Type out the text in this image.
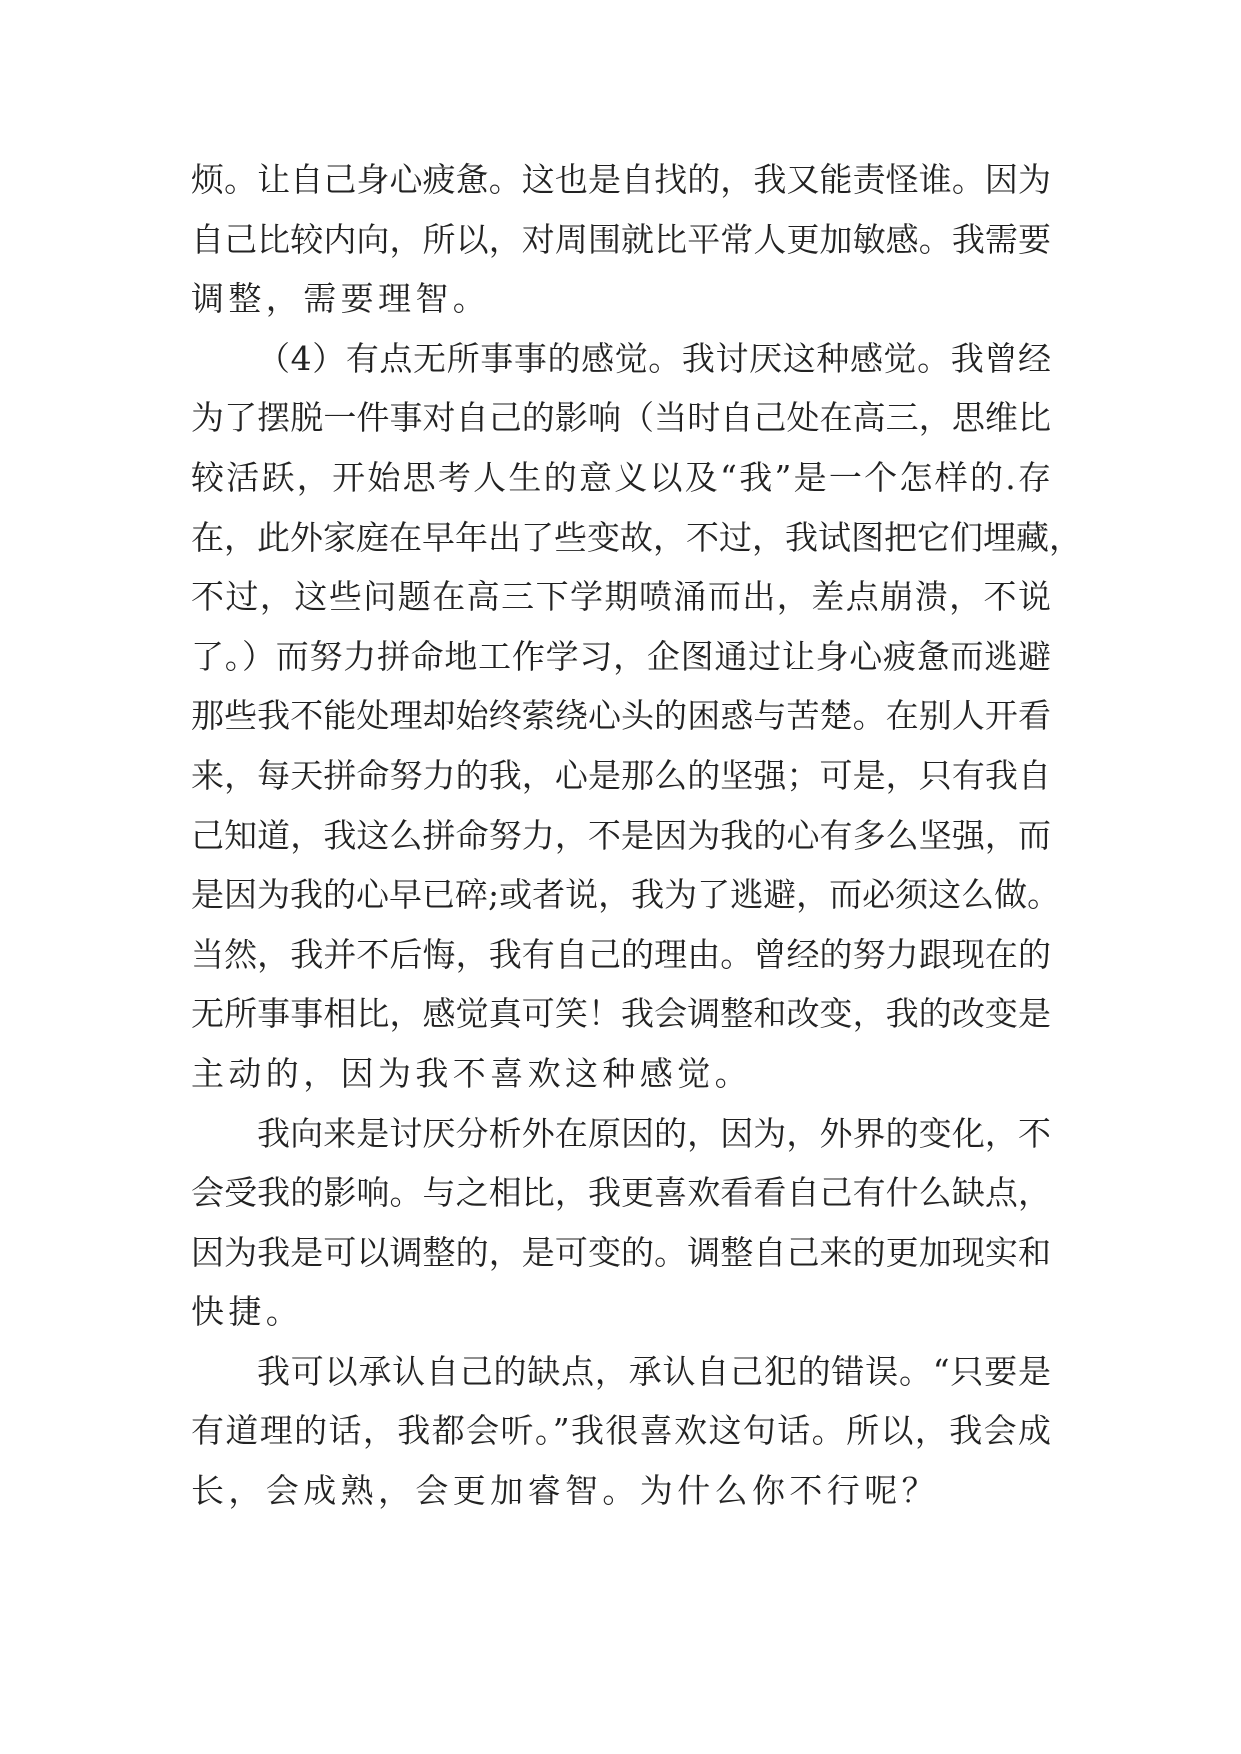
烦。让自己身心疲惫。这也是自找的，我又能责怪谁。因为
自己比较内向，所以，对周围就比平常人更加敏感。我需要
调整，需要理智。
（4）有点无所事事的感觉。我讨厌这种感觉。我曾经
为了摆脱一件事对自己的影响（当时自己处在高三，思维比
较活跃，开始思考人生的意义以及“我”是一个怎样的.存
在，此外家庭在早年出了些变故，不过，我试图把它们埋藏，
不过，这些问题在高三下学期喷涌而出，差点崩溃，不说
了。）而努力拼命地工作学习，企图通过让身心疲惫而逃避
那些我不能处理却始终萦绕心头的困惑与苦楚。在别人开看
来，每天拼命努力的我，心是那么的坚强；可是，只有我自
己知道，我这么拼命努力，不是因为我的心有多么坚强，而
是因为我的心早已碎;或者说，我为了逃避，而必须这么做。
当然，我并不后悔，我有自己的理由。曾经的努力跟现在的
无所事事相比，感觉真可笑！我会调整和改变，我的改变是
主动的，因为我不喜欢这种感觉。
我向来是讨厌分析外在原因的，因为，外界的变化，不
会受我的影响。与之相比，我更喜欢看看自己有什么缺点，
因为我是可以调整的，是可变的。调整自己来的更加现实和
快捷。
我可以承认自己的缺点，承认自己犯的错误。“只要是
有道理的话，我都会听。”我很喜欢这句话。所以，我会成
长，会成熟，会更加睿智。为什么你不行呢？
